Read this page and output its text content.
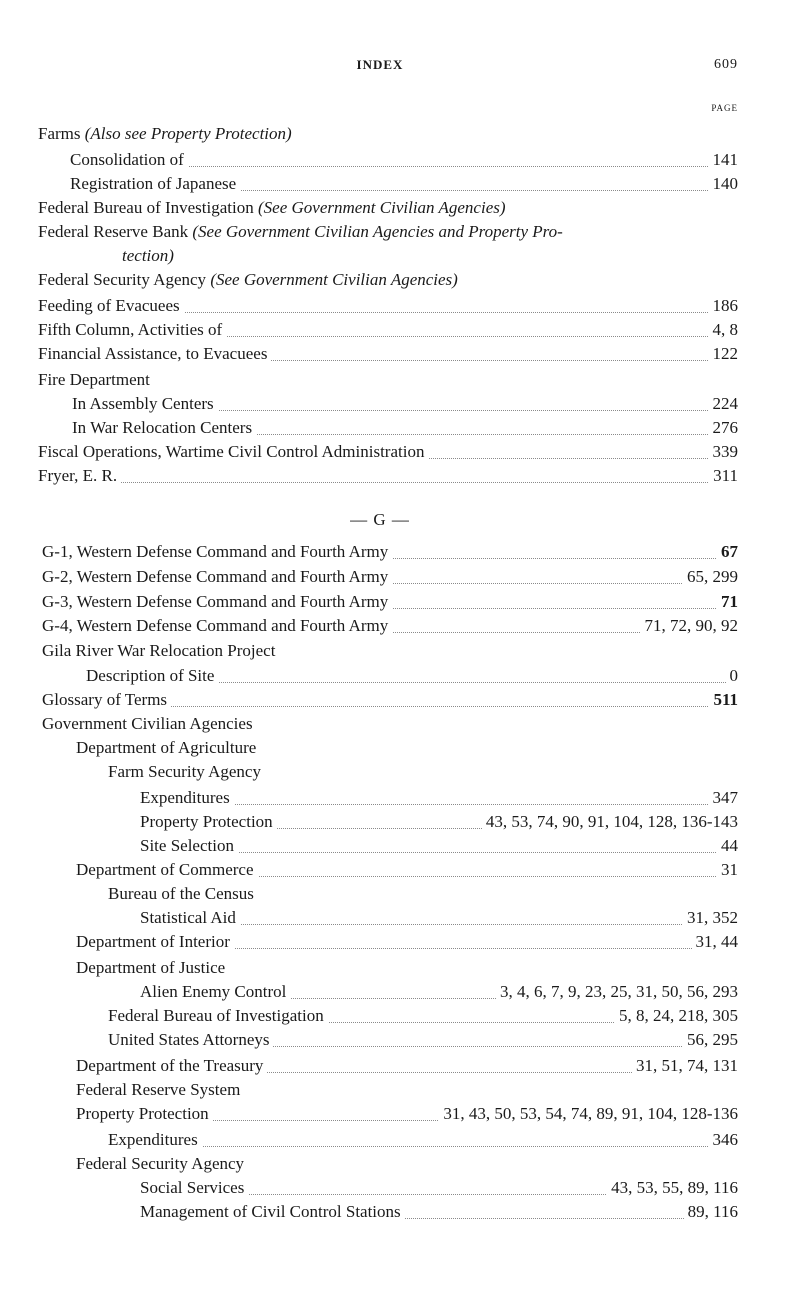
INDEX	609
PAGE
— G —
Farms (Also see Property Protection)
Consolidation of	141
Registration of Japanese	140
Federal Bureau of Investigation (See Government Civilian Agencies)
Federal Reserve Bank (See Government Civilian Agencies and Property Pro-
tection)
Federal Security Agency (See Government Civilian Agencies)
Feeding of Evacuees	186
Fifth Column, Activities of	4, 8
Financial Assistance, to Evacuees	122
Fire Department
In Assembly Centers	224
In War Relocation Centers	276
Fiscal Operations, Wartime Civil Control Administration	339
Fryer, E. R.	311
G-1, Western Defense Command and Fourth Army	67
G-2, Western Defense Command and Fourth Army	65, 299
G-3, Western Defense Command and Fourth Army	71
G-4, Western Defense Command and Fourth Army	71, 72, 90, 92
Gila River War Relocation Project
Description of Site	0
Glossary of Terms	511
Government Civilian Agencies
Department of Agriculture
Farm Security Agency
Expenditures	347
Property Protection	43, 53, 74, 90, 91, 104, 128, 136-143
Site Selection	44
Department of Commerce	31
Bureau of the Census
Statistical Aid	31, 352
Department of Interior	31, 44
Department of Justice
Alien Enemy Control	3, 4, 6, 7, 9, 23, 25, 31, 50, 56, 293
Federal Bureau of Investigation	5, 8, 24, 218, 305
United States Attorneys	56, 295
Department of the Treasury	31, 51, 74, 131
Federal Reserve System
Property Protection	31, 43, 50, 53, 54, 74, 89, 91, 104, 128-136
Expenditures	346
Federal Security Agency
Social Services	43, 53, 55, 89, 116
Management of Civil Control Stations	89, 116
